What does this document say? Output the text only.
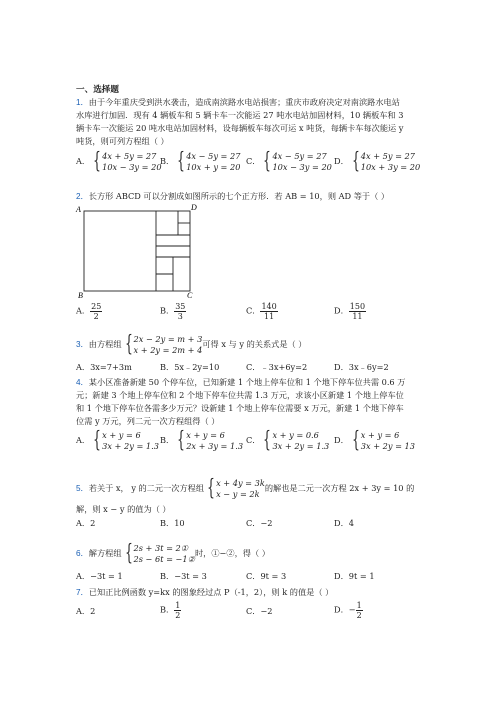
一、选择题
1．由于今年重庆受到洪水袭击，造成南滨路水电站损害；重庆市政府决定对南滨路水电站
水库进行加固．现有 4 辆板车和 5 辆卡车一次能运 27 吨水电站加固材料，10 辆板车和 3
辆卡车一次能运 20 吨水电站加固材料，设每辆板车每次可运 x 吨货，每辆卡车每次能运 y
吨货，则可列方程组（ ）
A． { 4x + 5y = 27
10x − 3y = 20
B． { 4x − 5y = 27
10x + y = 20
C． { 4x − 5y = 27
10x − 3y = 20
D． { 4x + 5y = 27
10x + 3y = 20
2．长方形 ABCD 可以分割成如图所示的七个正方形．若 AB = 10，则 AD 等于（ ）
A	D
B	C
A． $\frac{25}{2}$	B． $\frac{35}{3}$	C． $\frac{140}{11}$	D． $\frac{150}{11}$
3．由方程组 { 2x − 2y = m + 3
x + 2y = 2m + 4
可得 x 与 y 的关系式是（ ）
A．3x=7+3m	B．5x﹣2y=10	C．﹣3x+6y=2	D．3x﹣6y=2
4．某小区准备新建 50 个停车位，已知新建 1 个地上停车位和 1 个地下停车位共需 0.6 万
元；新建 3 个地上停车位和 2 个地下停车位共需 1.3 万元，求该小区新建 1 个地上停车位
和 1 个地下停车位各需多少万元？设新建 1 个地上停车位需要 x 万元，新建 1 个地下停车
位需 y 万元，列二元一次方程组得（ ）
A． { x + y = 6
3x + 2y = 1.3
B． { x + y = 6
2x + 3y = 1.3
C． { x + y = 0.6
3x + 2y = 1.3
D． { x + y = 6
3x + 2y = 13
5．若关于 x， y 的二元一次方程组 { x + 4y = 3k
x − y = 2k
的解也是二元一次方程 2x + 3y = 10 的
解，则 x − y 的值为（ ）
A．2	B．10	C．−2	D．4
6．解方程组 { 2s + 3t = 2①
2s − 6t = −1②
时，①−②，得（ ）
A．−3t = 1	B．−3t = 3	C．9t = 3	D．9t = 1
7．已知正比例函数 y=kx 的图象经过点 P（-1，2），则 k 的值是（ ）
A．2	B． $\frac{1}{2}$	C．−2	D．− $\frac{1}{2}$
